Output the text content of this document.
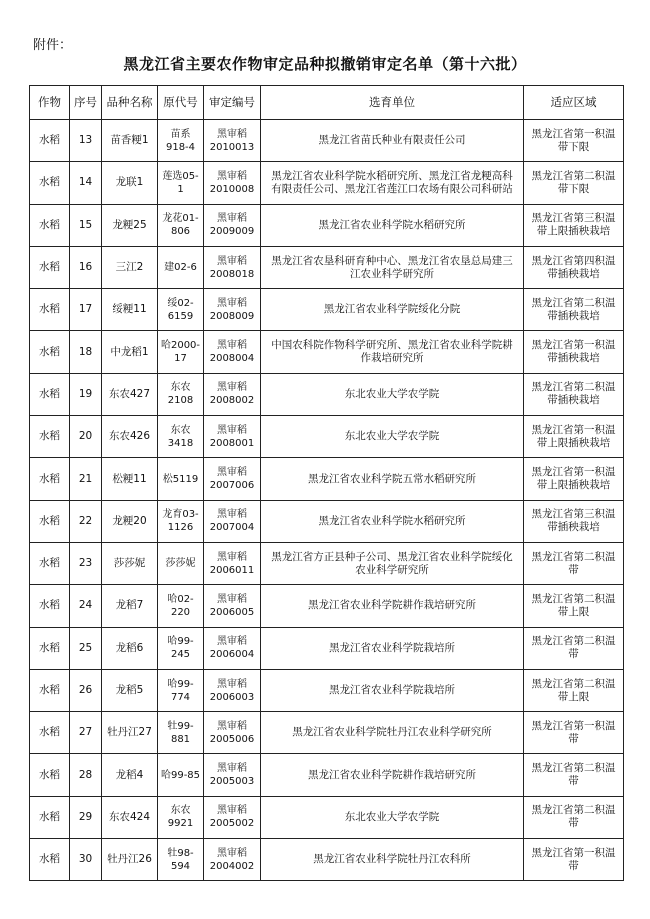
附件：
黑龙江省主要农作物审定品种拟撤销审定名单（第十六批）
作物	序号	品种名称	原代号	审定编号	选育单位	适应区域
水稻	13	苗香粳1	苗系918-4	黑审稻2010013	黑龙江省苗氏种业有限责任公司	黑龙江省第一积温带下限
水稻	14	龙联1	莲选05-1	黑审稻2010008	黑龙江省农业科学院水稻研究所、黑龙江省龙粳高科有限责任公司、黑龙江省莲江口农场有限公司科研站	黑龙江省第二积温带下限
水稻	15	龙粳25	龙花01-806	黑审稻2009009	黑龙江省农业科学院水稻研究所	黑龙江省第三积温带上限插秧栽培
水稻	16	三江2	建02-6	黑审稻2008018	黑龙江省农垦科研育种中心、黑龙江省农垦总局建三江农业科学研究所	黑龙江省第四积温带插秧栽培
水稻	17	绥粳11	绥02-6159	黑审稻2008009	黑龙江省农业科学院绥化分院	黑龙江省第二积温带插秧栽培
水稻	18	中龙稻1	哈2000-17	黑审稻2008004	中国农科院作物科学研究所、黑龙江省农业科学院耕作栽培研究所	黑龙江省第一积温带插秧栽培
水稻	19	东农427	东农2108	黑审稻2008002	东北农业大学农学院	黑龙江省第二积温带插秧栽培
水稻	20	东农426	东农3418	黑审稻2008001	东北农业大学农学院	黑龙江省第一积温带上限插秧栽培
水稻	21	松粳11	松5119	黑审稻2007006	黑龙江省农业科学院五常水稻研究所	黑龙江省第一积温带上限插秧栽培
水稻	22	龙粳20	龙育03-1126	黑审稻2007004	黑龙江省农业科学院水稻研究所	黑龙江省第三积温带插秧栽培
水稻	23	莎莎妮	莎莎妮	黑审稻2006011	黑龙江省方正县种子公司、黑龙江省农业科学院绥化农业科学研究所	黑龙江省第二积温带
水稻	24	龙稻7	哈02-220	黑审稻2006005	黑龙江省农业科学院耕作栽培研究所	黑龙江省第二积温带上限
水稻	25	龙稻6	哈99-245	黑审稻2006004	黑龙江省农业科学院栽培所	黑龙江省第二积温带
水稻	26	龙稻5	哈99-774	黑审稻2006003	黑龙江省农业科学院栽培所	黑龙江省第二积温带上限
水稻	27	牡丹江27	牡99-881	黑审稻2005006	黑龙江省农业科学院牡丹江农业科学研究所	黑龙江省第一积温带
水稻	28	龙稻4	哈99-85	黑审稻2005003	黑龙江省农业科学院耕作栽培研究所	黑龙江省第二积温带
水稻	29	东农424	东农9921	黑审稻2005002	东北农业大学农学院	黑龙江省第二积温带
水稻	30	牡丹江26	牡98-594	黑审稻2004002	黑龙江省农业科学院牡丹江农科所	黑龙江省第一积温带
